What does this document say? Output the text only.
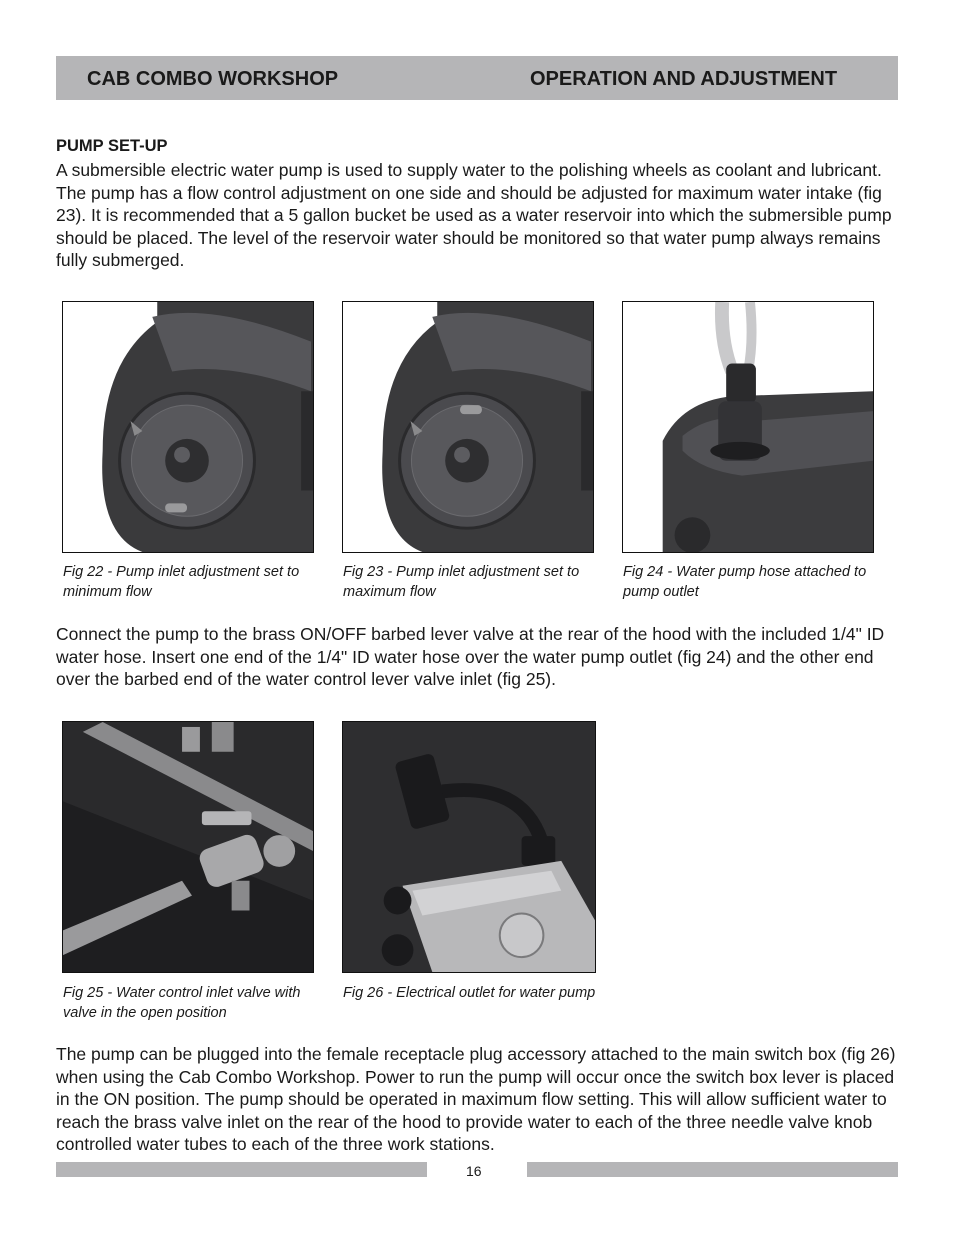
CAB COMBO WORKSHOP	OPERATION AND ADJUSTMENT
PUMP SET-UP

A submersible electric water pump is used to supply water to the polishing wheels as coolant and lubricant. The pump has a flow control adjustment on one side and should be adjusted for maximum water intake (fig 23). It is recommended that a 5 gallon bucket be used as a water reservoir into which the submersible pump should be placed. The level of the reservoir water should be monitored so that water pump always remains fully submerged.

Fig 22 - Pump inlet adjustment set to minimum flow
Fig 23 - Pump inlet adjustment set to maximum flow
Fig 24 - Water pump hose attached to pump outlet

Connect the pump to the brass ON/OFF barbed lever valve at the rear of the hood with the included 1/4" ID water hose. Insert one end of the 1/4" ID water hose over the water pump outlet (fig 24) and the other end over the barbed end of the water control lever valve inlet (fig 25).

Fig 25 - Water control inlet valve with valve in the open position
Fig 26 - Electrical outlet for water pump

The pump can be plugged into the female receptacle plug accessory attached to the main switch box (fig 26) when using the Cab Combo Workshop. Power to run the pump will occur once the switch box lever is placed in the ON position. The pump should be operated in maximum flow setting. This will allow sufficient water to reach the brass valve inlet on the rear of the hood to provide water to each of the three needle valve knob controlled water tubes to each of the three work stations.

16
